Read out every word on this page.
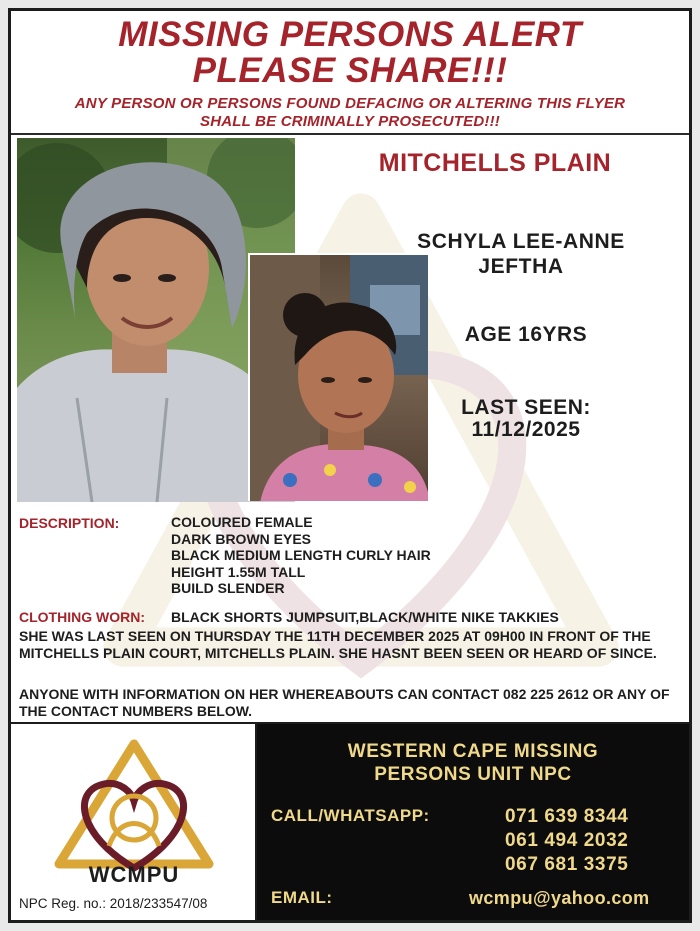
MISSING PERSONS ALERT
PLEASE SHARE!!!
ANY PERSON OR PERSONS FOUND DEFACING OR ALTERING THIS FLYER
SHALL BE CRIMINALLY PROSECUTED!!!
MITCHELLS PLAIN
SCHYLA LEE-ANNE
JEFTHA
AGE 16YRS
LAST SEEN:
11/12/2025
DESCRIPTION:	COLOURED FEMALE
DARK BROWN EYES
BLACK MEDIUM LENGTH CURLY HAIR
HEIGHT 1.55M TALL
BUILD SLENDER
CLOTHING WORN: BLACK SHORTS JUMPSUIT,BLACK/WHITE NIKE TAKKIES
SHE WAS LAST SEEN ON THURSDAY THE 11TH DECEMBER 2025 AT 09H00 IN FRONT OF THE MITCHELLS PLAIN COURT, MITCHELLS PLAIN. SHE HASNT BEEN SEEN OR HEARD OF SINCE.
ANYONE WITH INFORMATION ON HER WHEREABOUTS CAN CONTACT 082 225 2612 OR ANY OF THE CONTACT NUMBERS BELOW.
WCMPU
NPC Reg. no.: 2018/233547/08
WESTERN CAPE MISSING
PERSONS UNIT NPC
CALL/WHATSAPP:	071 639 8344
061 494 2032
067 681 3375
EMAIL:	wcmpu@yahoo.com
